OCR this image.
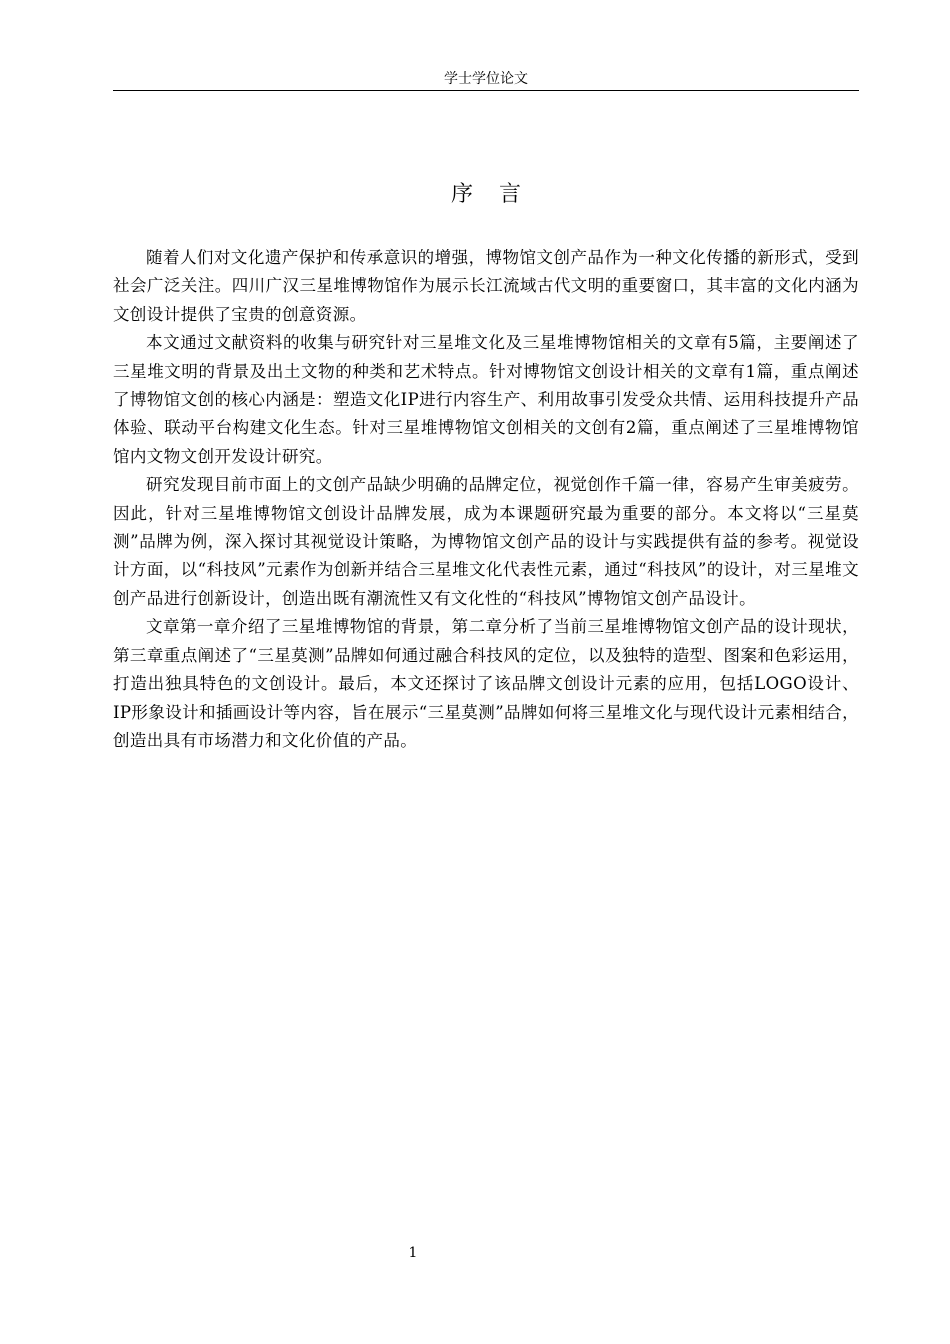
学士学位论文
序言

随着人们对文化遗产保护和传承意识的增强，博物馆文创产品作为一种文化传播的新形式，受到社会广泛关注。四川广汉三星堆博物馆作为展示长江流域古代文明的重要窗口，其丰富的文化内涵为文创设计提供了宝贵的创意资源。

本文通过文献资料的收集与研究针对三星堆文化及三星堆博物馆相关的文章有5篇，主要阐述了三星堆文明的背景及出土文物的种类和艺术特点。针对博物馆文创设计相关的文章有1篇，重点阐述了博物馆文创的核心内涵是：塑造文化IP进行内容生产、利用故事引发受众共情、运用科技提升产品体验、联动平台构建文化生态。针对三星堆博物馆文创相关的文创有2篇，重点阐述了三星堆博物馆馆内文物文创开发设计研究。

研究发现目前市面上的文创产品缺少明确的品牌定位，视觉创作千篇一律，容易产生审美疲劳。因此，针对三星堆博物馆文创设计品牌发展，成为本课题研究最为重要的部分。本文将以“三星莫测”品牌为例，深入探讨其视觉设计策略，为博物馆文创产品的设计与实践提供有益的参考。视觉设计方面，以“科技风”元素作为创新并结合三星堆文化代表性元素，通过“科技风”的设计，对三星堆文创产品进行创新设计，创造出既有潮流性又有文化性的“科技风”博物馆文创产品设计。

文章第一章介绍了三星堆博物馆的背景，第二章分析了当前三星堆博物馆文创产品的设计现状，第三章重点阐述了“三星莫测”品牌如何通过融合科技风的定位，以及独特的造型、图案和色彩运用，打造出独具特色的文创设计。最后，本文还探讨了该品牌文创设计元素的应用，包括LOGO设计、IP形象设计和插画设计等内容，旨在展示“三星莫测”品牌如何将三星堆文化与现代设计元素相结合，创造出具有市场潜力和文化价值的产品。

1
